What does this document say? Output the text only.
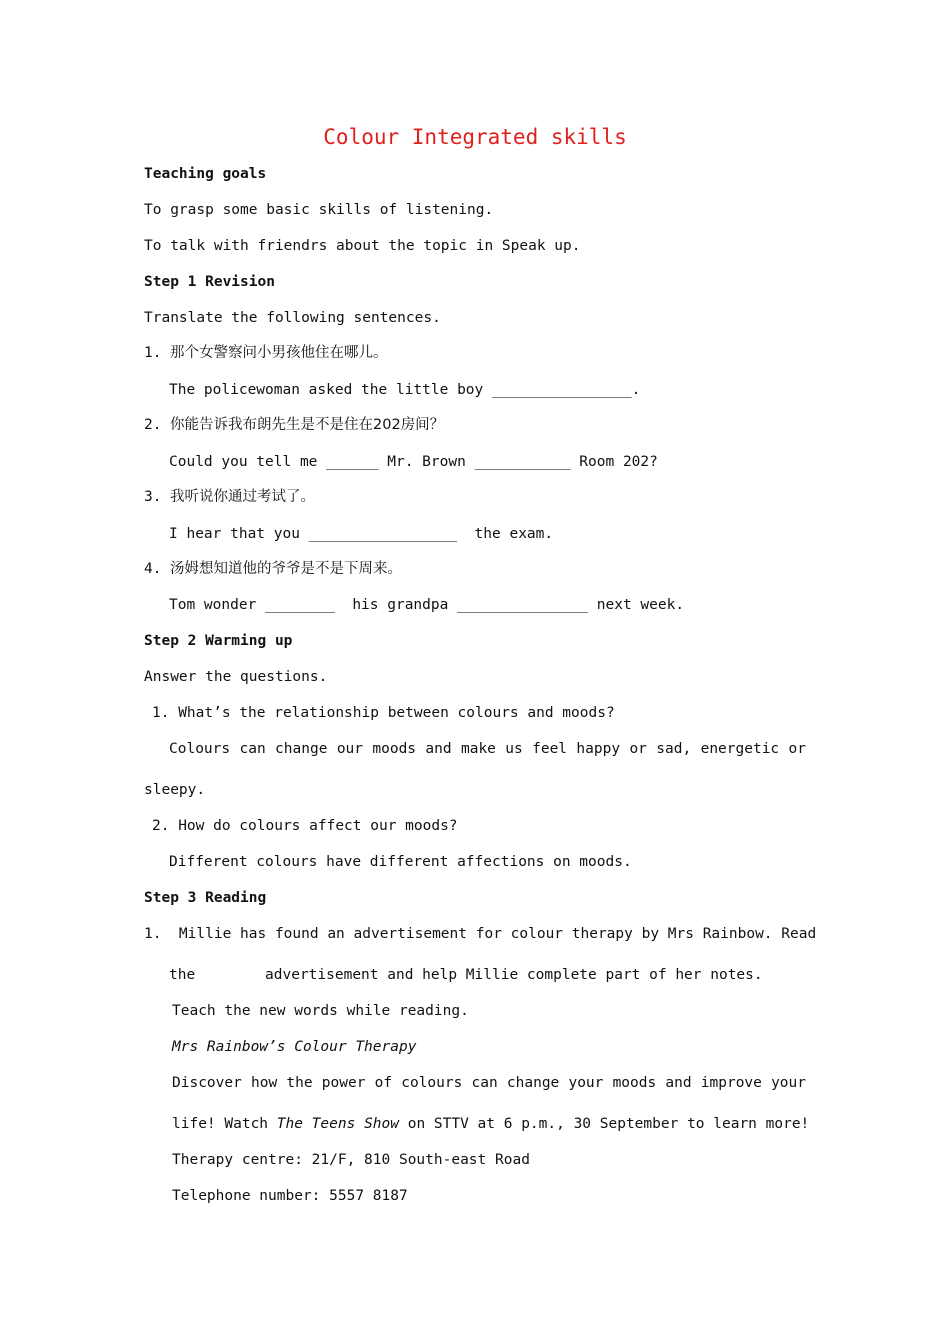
Colour Integrated skills
Teaching goals
To grasp some basic skills of listening.
To talk with friendrs about the topic in Speak up.
Step 1 Revision
Translate the following sentences.
1. 那个女警察问小男孩他住在哪儿。
The policewoman asked the little boy ________________.
2. 你能告诉我布朗先生是不是住在202房间？
Could you tell me ______ Mr. Brown ___________ Room 202?
3. 我听说你通过考试了。
I hear that you _________________  the exam.
4. 汤姆想知道他的爷爷是不是下周来。
Tom wonder ________  his grandpa _______________ next week.
Step 2 Warming up
Answer the questions.
1. What’s the relationship between colours and moods?
Colours can change our moods and make us feel happy or sad, energetic or
sleepy.
2. How do colours affect our moods?
Different colours have different affections on moods.
Step 3 Reading
1.  Millie has found an advertisement for colour therapy by Mrs Rainbow. Read
the        advertisement and help Millie complete part of her notes.
Teach the new words while reading.
Mrs Rainbow’s Colour Therapy
Discover how the power of colours can change your moods and improve your
life! Watch The Teens Show on STTV at 6 p.m., 30 September to learn more!
Therapy centre: 21/F, 810 South-east Road
Telephone number: 5557 8187
